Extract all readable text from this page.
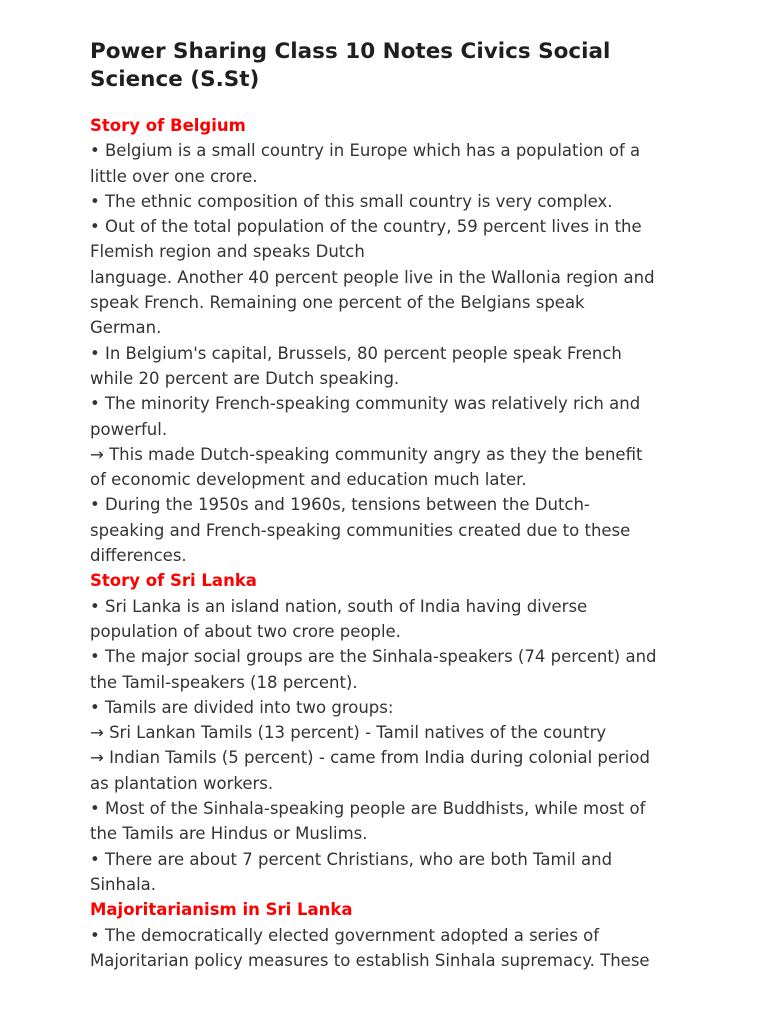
Power Sharing Class 10 Notes Civics Social
Science (S.St)
Story of Belgium
• Belgium is a small country in Europe which has a population of a
little over one crore.
• The ethnic composition of this small country is very complex.
• Out of the total population of the country, 59 percent lives in the
Flemish region and speaks Dutch
language. Another 40 percent people live in the Wallonia region and
speak French. Remaining one percent of the Belgians speak
German.
• In Belgium's capital, Brussels, 80 percent people speak French
while 20 percent are Dutch speaking.
• The minority French-speaking community was relatively rich and
powerful.
→ This made Dutch-speaking community angry as they the benefit
of economic development and education much later.
• During the 1950s and 1960s, tensions between the Dutch-
speaking and French-speaking communities created due to these
differences.
Story of Sri Lanka
• Sri Lanka is an island nation, south of India having diverse
population of about two crore people.
• The major social groups are the Sinhala-speakers (74 percent) and
the Tamil-speakers (18 percent).
• Tamils are divided into two groups:
→ Sri Lankan Tamils (13 percent) - Tamil natives of the country
→ Indian Tamils (5 percent) - came from India during colonial period
as plantation workers.
• Most of the Sinhala-speaking people are Buddhists, while most of
the Tamils are Hindus or Muslims.
• There are about 7 percent Christians, who are both Tamil and
Sinhala.
Majoritarianism in Sri Lanka
• The democratically elected government adopted a series of
Majoritarian policy measures to establish Sinhala supremacy. These
